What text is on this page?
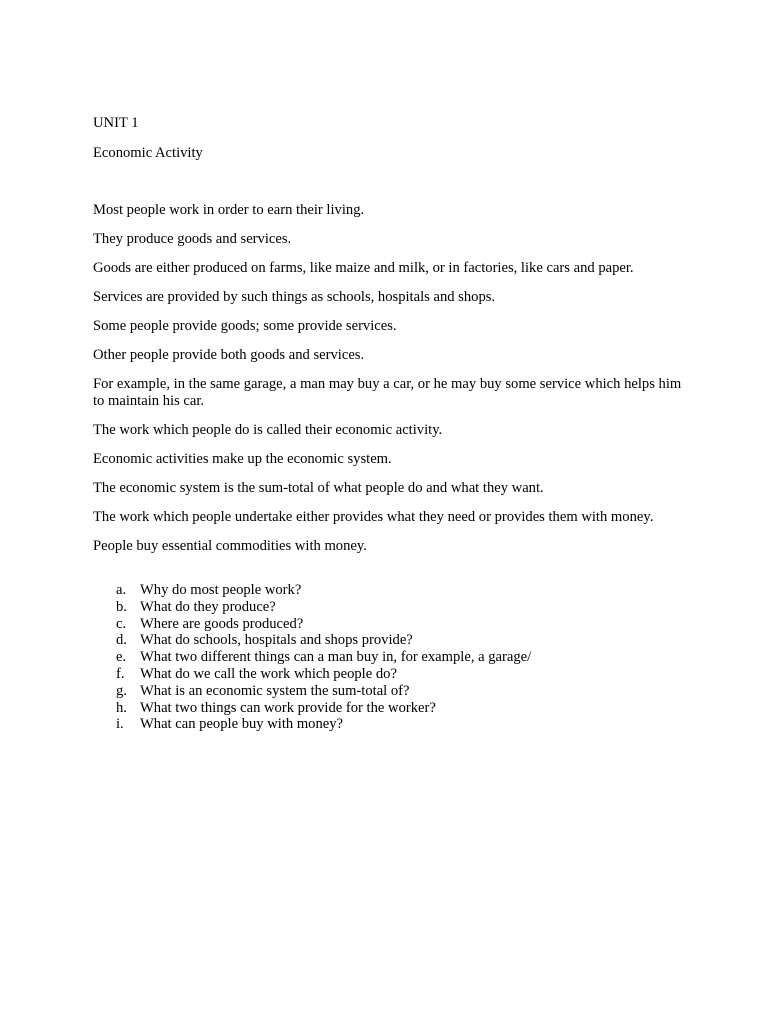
UNIT 1
Economic Activity

Most people work in order to earn their living.

They produce goods and services.

Goods are either produced on farms, like maize and milk, or in factories, like cars and paper.

Services are provided by such things as schools, hospitals and shops.

Some people provide goods; some provide services.

Other people provide both goods and services.

For example, in the same garage, a man may buy a car, or he may buy some service which helps him to maintain his car.

The work which people do is called their economic activity.

Economic activities make up the economic system.

The economic system is the sum-total of what people do and what they want.

The work which people undertake either provides what they need or provides them with money.

People buy essential commodities with money.

a. Why do most people work?
b. What do they produce?
c. Where are goods produced?
d. What do schools, hospitals and shops provide?
e. What two different things can a man buy in, for example, a garage/
f. What do we call the work which people do?
g. What is an economic system the sum-total of?
h. What two things can work provide for the worker?
i. What can people buy with money?
